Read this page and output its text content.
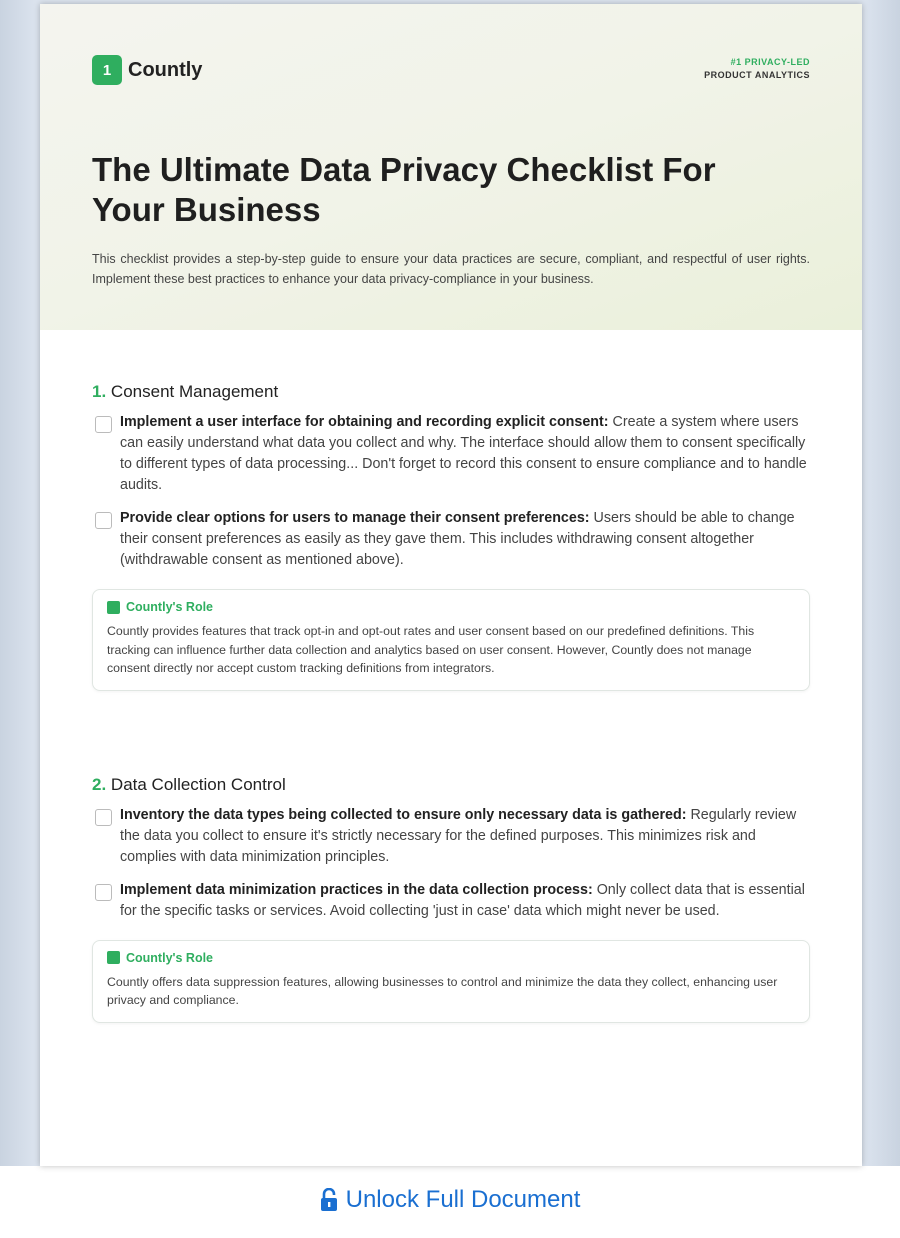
1 Countly	#1 PRIVACY-LED
PRODUCT ANALYTICS
The Ultimate Data Privacy Checklist For Your Business

This checklist provides a step-by-step guide to ensure your data practices are secure, compliant, and respectful of user rights. Implement these best practices to enhance your data privacy-compliance in your business.

1. Consent Management
Implement a user interface for obtaining and recording explicit consent: Create a system where users can easily understand what data you collect and why. The interface should allow them to consent specifically to different types of data processing... Don't forget to record this consent to ensure compliance and to handle audits.
Provide clear options for users to manage their consent preferences: Users should be able to change their consent preferences as easily as they gave them. This includes withdrawing consent altogether (withdrawable consent as mentioned above).
Countly's Role
Countly provides features that track opt-in and opt-out rates and user consent based on our predefined definitions. This tracking can influence further data collection and analytics based on user consent. However, Countly does not manage consent directly nor accept custom tracking definitions from integrators.
2. Data Collection Control
Inventory the data types being collected to ensure only necessary data is gathered: Regularly review the data you collect to ensure it's strictly necessary for the defined purposes. This minimizes risk and complies with data minimization principles.
Implement data minimization practices in the data collection process: Only collect data that is essential for the specific tasks or services. Avoid collecting 'just in case' data which might never be used.
Countly's Role
Countly offers data suppression features, allowing businesses to control and minimize the data they collect, enhancing user privacy and compliance.
Unlock Full Document
